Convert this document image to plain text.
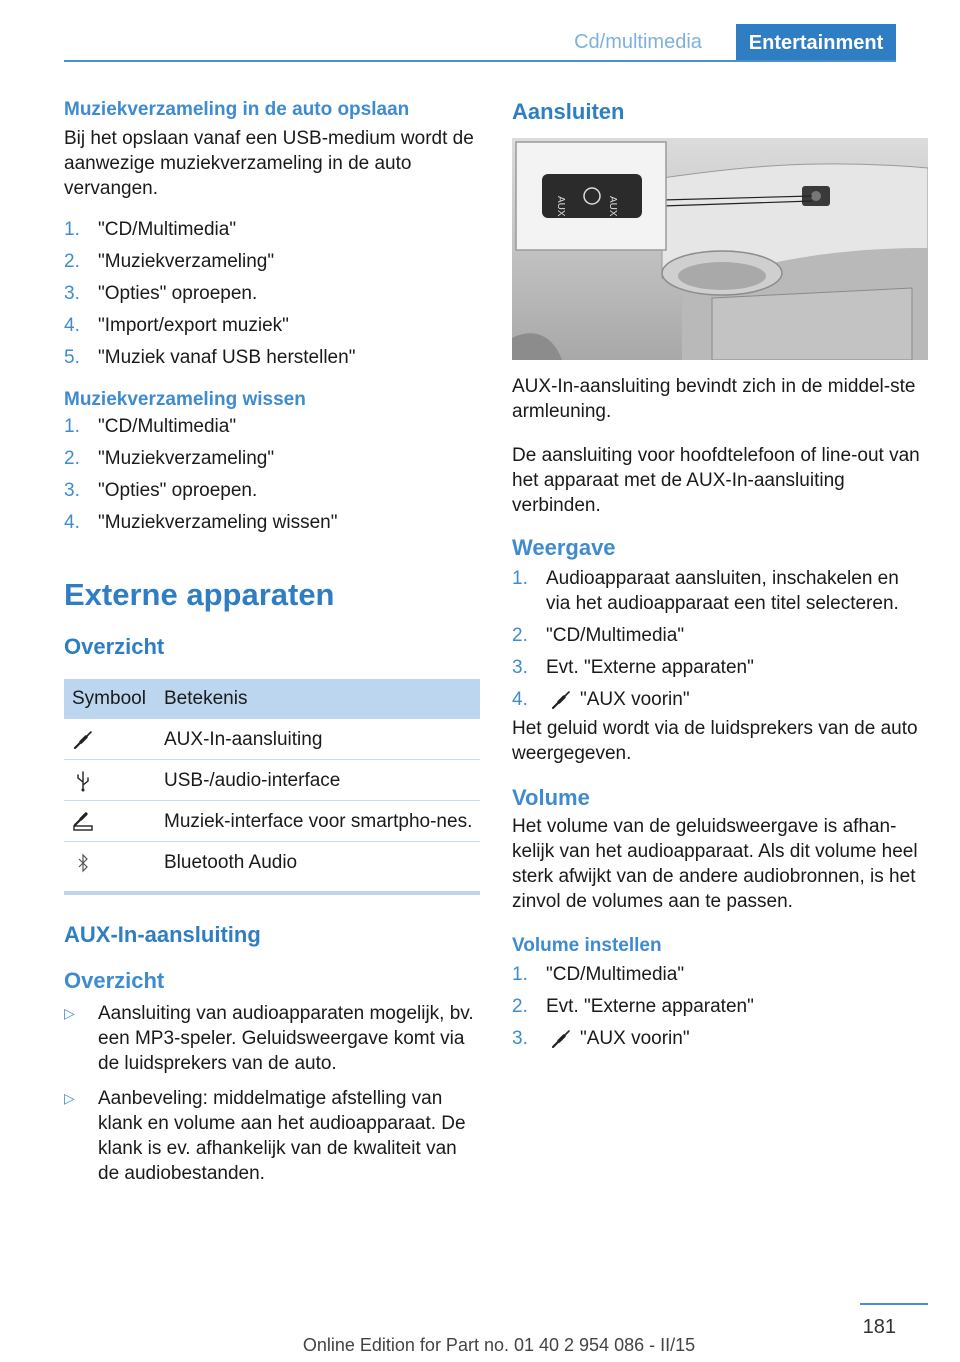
Cd/multimedia	Entertainment
Muziekverzameling in de auto opslaan

Bij het opslaan vanaf een USB-medium wordt de aanwezige muziekverzameling in de auto vervangen.

1. "CD/Multimedia"
2. "Muziekverzameling"
3. "Opties" oproepen.
4. "Import/export muziek"
5. "Muziek vanaf USB herstellen"
Muziekverzameling wissen
1. "CD/Multimedia"
2. "Muziekverzameling"
3. "Opties" oproepen.
4. "Muziekverzameling wissen"
Externe apparaten
Overzicht
Symbool	Betekenis

	AUX-In-aansluiting

	USB-/audio-interface

	Muziek-interface voor smartpho-nes.

	Bluetooth Audio
AUX-In-aansluiting
Overzicht
▷	Aansluiting van audioapparaten mogelijk, bv. een MP3-speler. Geluidsweergave komt via de luidsprekers van de auto.
▷	Aanbeveling: middelmatige afstelling van klank en volume aan het audioapparaat. De klank is ev. afhankelijk van de kwaliteit van de audiobestanden.
Aansluiten
AUX	AUX

AUX-In-aansluiting bevindt zich in de middel-ste armleuning.

De aansluiting voor hoofdtelefoon of line-out van het apparaat met de AUX-In-aansluiting verbinden.

Weergave
1. Audioapparaat aansluiten, inschakelen en via het audioapparaat een titel selecteren.
2. "CD/Multimedia"
3. Evt. "Externe apparaten"
4.	"AUX voorin"

Het geluid wordt via de luidsprekers van de auto weergegeven.

Volume

Het volume van de geluidsweergave is afhan-kelijk van het audioapparaat. Als dit volume heel sterk afwijkt van de andere audiobronnen, is het zinvol de volumes aan te passen.

Volume instellen
1. "CD/Multimedia"
2. Evt. "Externe apparaten"
3.	"AUX voorin"
181
Online Edition for Part no. 01 40 2 954 086 - II/15
